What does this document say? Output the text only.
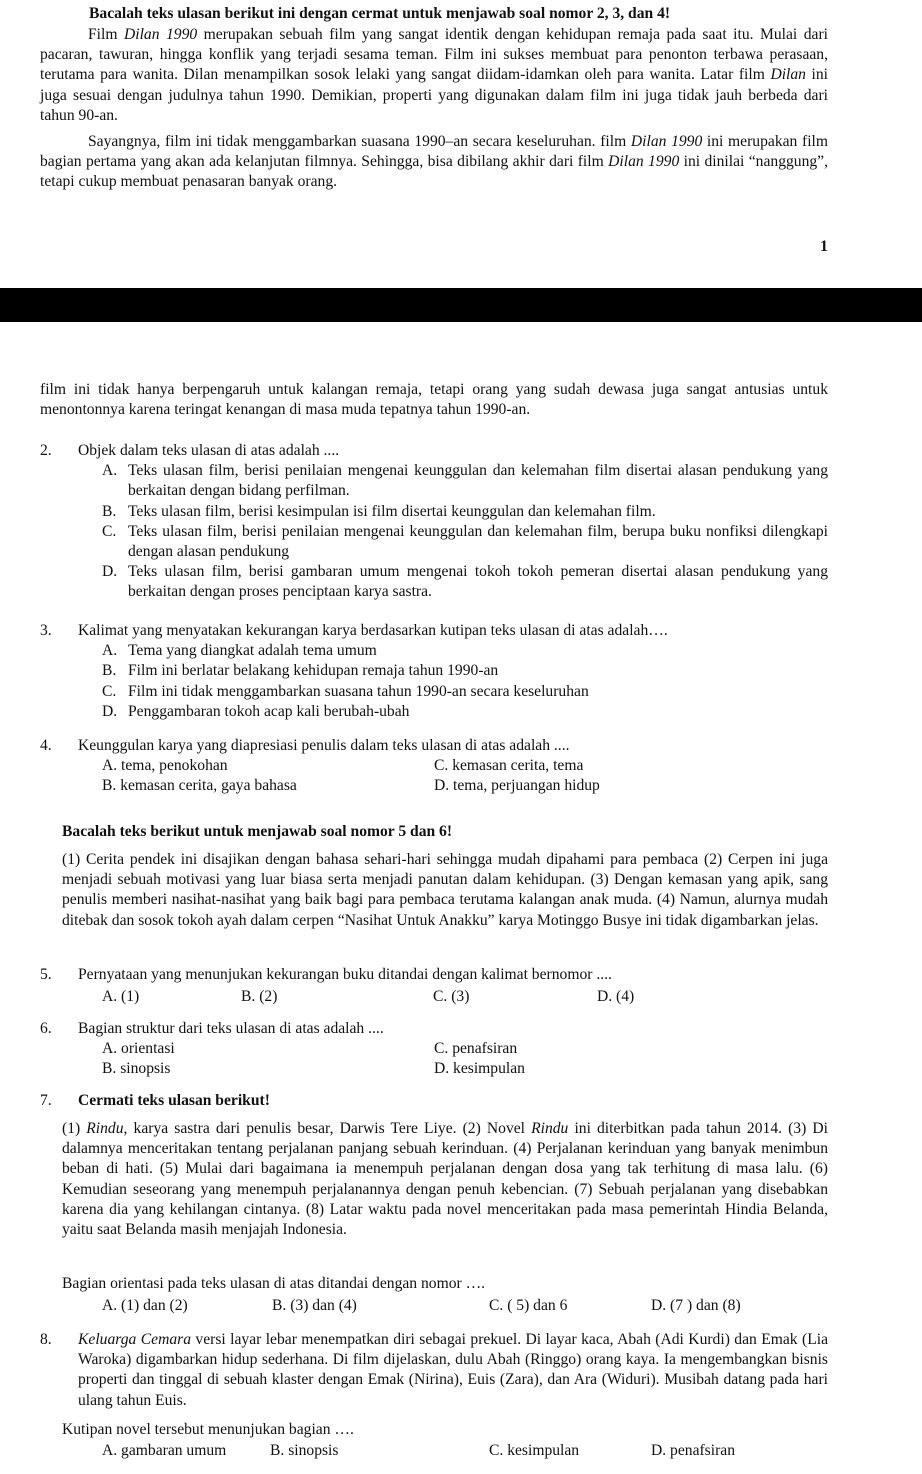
Bacalah teks ulasan berikut ini dengan cermat untuk menjawab soal nomor 2, 3, dan 4!

Film Dilan 1990 merupakan sebuah film yang sangat identik dengan kehidupan remaja pada saat itu. Mulai dari pacaran, tawuran, hingga konflik yang terjadi sesama teman. Film ini sukses membuat para penonton terbawa perasaan, terutama para wanita. Dilan menampilkan sosok lelaki yang sangat diidam-idamkan oleh para wanita. Latar film Dilan ini juga sesuai dengan judulnya tahun 1990. Demikian, properti yang digunakan dalam film ini juga tidak jauh berbeda dari tahun 90-an.

Sayangnya, film ini tidak menggambarkan suasana 1990–an secara keseluruhan. film Dilan 1990 ini merupakan film bagian pertama yang akan ada kelanjutan filmnya. Sehingga, bisa dibilang akhir dari film Dilan 1990 ini dinilai “nanggung”, tetapi cukup membuat penasaran banyak orang.

1

film ini tidak hanya berpengaruh untuk kalangan remaja, tetapi orang yang sudah dewasa juga sangat antusias untuk menontonnya karena teringat kenangan di masa muda tepatnya tahun 1990-an.

2.	Objek dalam teks ulasan di atas adalah ....
A. Teks ulasan film, berisi penilaian mengenai keunggulan dan kelemahan film disertai alasan pendukung yang berkaitan dengan bidang perfilman.
B. Teks ulasan film, berisi kesimpulan isi film disertai keunggulan dan kelemahan film.
C. Teks ulasan film, berisi penilaian mengenai keunggulan dan kelemahan film, berupa buku nonfiksi dilengkapi dengan alasan pendukung
D. Teks ulasan film, berisi gambaran umum mengenai tokoh tokoh pemeran disertai alasan pendukung yang berkaitan dengan proses penciptaan karya sastra.
3.	Kalimat yang menyatakan kekurangan karya berdasarkan kutipan teks ulasan di atas adalah….
A. Tema yang diangkat adalah tema umum
B. Film ini berlatar belakang kehidupan remaja tahun 1990-an
C. Film ini tidak menggambarkan suasana tahun 1990-an secara keseluruhan
D. Penggambaran tokoh acap kali berubah-ubah
4.	Keunggulan karya yang diapresiasi penulis dalam teks ulasan di atas adalah ....
A. tema, penokohan	C. kemasan cerita, tema
B. kemasan cerita, gaya bahasa	D. tema, perjuangan hidup

Bacalah teks berikut untuk menjawab soal nomor 5 dan 6!

(1) Cerita pendek ini disajikan dengan bahasa sehari-hari sehingga mudah dipahami para pembaca (2) Cerpen ini juga menjadi sebuah motivasi yang luar biasa serta menjadi panutan dalam kehidupan. (3) Dengan kemasan yang apik, sang penulis memberi nasihat-nasihat yang baik bagi para pembaca terutama kalangan anak muda. (4) Namun, alurnya mudah ditebak dan sosok tokoh ayah dalam cerpen “Nasihat Untuk Anakku” karya Motinggo Busye ini tidak digambarkan jelas.

5.	Pernyataan yang menunjukan kekurangan buku ditandai dengan kalimat bernomor ....
A. (1)	B. (2)	C. (3)	D. (4)
6.	Bagian struktur dari teks ulasan di atas adalah ....
A. orientasi	C. penafsiran
B. sinopsis	D. kesimpulan
7.	Cermati teks ulasan berikut!

(1) Rindu, karya sastra dari penulis besar, Darwis Tere Liye. (2) Novel Rindu ini diterbitkan pada tahun 2014. (3) Di dalamnya menceritakan tentang perjalanan panjang sebuah kerinduan. (4) Perjalanan kerinduan yang banyak menimbun beban di hati. (5) Mulai dari bagaimana ia menempuh perjalanan dengan dosa yang tak terhitung di masa lalu. (6) Kemudian seseorang yang menempuh perjalanannya dengan penuh kebencian. (7) Sebuah perjalanan yang disebabkan karena dia yang kehilangan cintanya. (8) Latar waktu pada novel menceritakan pada masa pemerintah Hindia Belanda, yaitu saat Belanda masih menjajah Indonesia.

Bagian orientasi pada teks ulasan di atas ditandai dengan nomor ….

A. (1) dan (2)	B. (3) dan (4)	C. ( 5) dan 6	D. (7 ) dan (8)
8.	Keluarga Cemara versi layar lebar menempatkan diri sebagai prekuel. Di layar kaca, Abah (Adi Kurdi) dan Emak (Lia Waroka) digambarkan hidup sederhana. Di film dijelaskan, dulu Abah (Ringgo) orang kaya. Ia mengembangkan bisnis properti dan tinggal di sebuah klaster dengan Emak (Nirina), Euis (Zara), dan Ara (Widuri). Musibah datang pada hari ulang tahun Euis.

Kutipan novel tersebut menunjukan bagian ….

A. gambaran umum	B. sinopsis	C. kesimpulan	D. penafsiran
